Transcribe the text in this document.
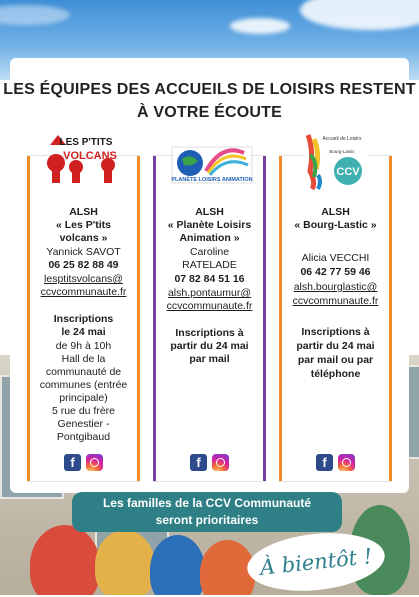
LES ÉQUIPES DES ACCUEILS DE LOISIRS RESTENT
À VOTRE ÉCOUTE
LES P'TITS
VOLCANS
ALSH
« Les P'tits
volcans »
Yannick SAVOT
06 25 82 88 49
lesptitsvolcans@
ccvcommunaute.fr
Inscriptions
le 24 mai
de 9h à 10h
Hall de la
communauté de
communes (entrée
principale)
5 rue du frère
Genestier -
Pontgibaud
f
PLANÈTE LOISIRS ANIMATION
ALSH
« Planète Loisirs
Animation »
Caroline
RATELADE
07 82 84 51 16
alsh.pontaumur@
ccvcommunaute.fr
Inscriptions à
partir du 24 mai
par mail
f
Accueil de Loisirs
Bourg-Lastic
CCV
ALSH
« Bourg-Lastic »
Alicia VECCHI
06 42 77 59 46
alsh.bourglastic@
ccvcommunaute.fr
Inscriptions à
partir du 24 mai
par mail ou par
téléphone
f
Les familles de la CCV Communauté
seront prioritaires
À bientôt !
